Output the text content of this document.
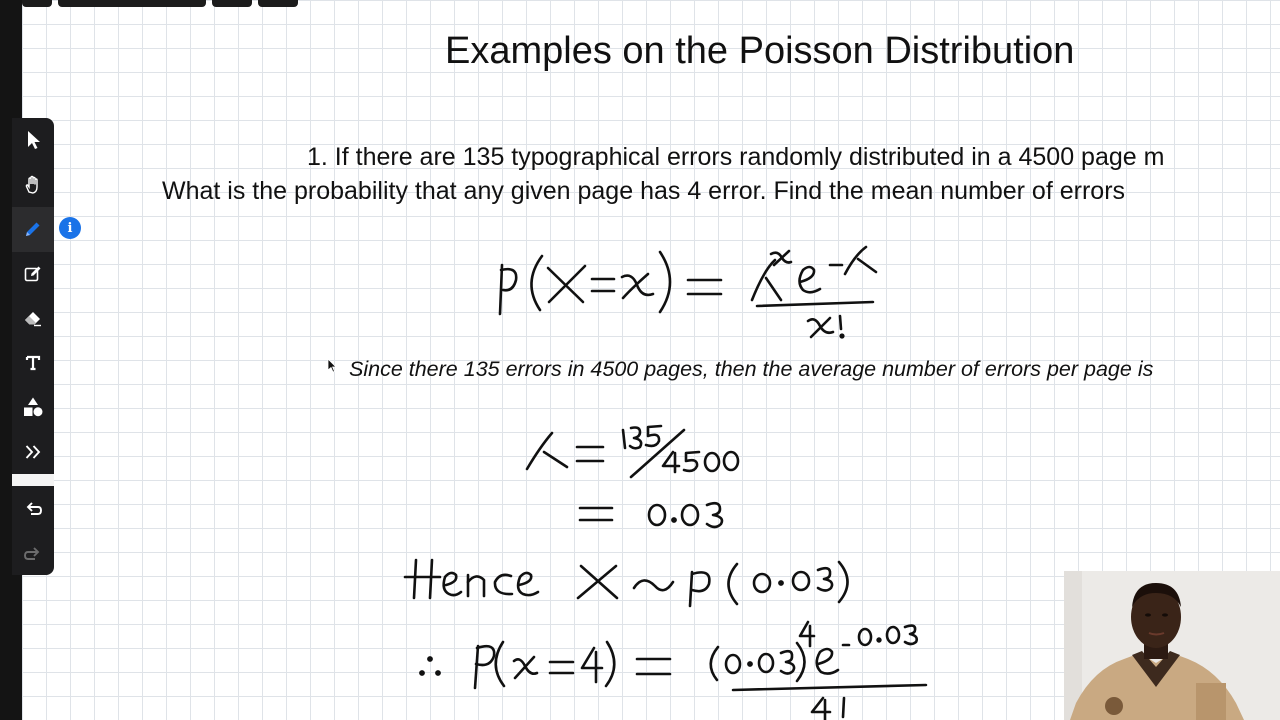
i
Examples on the Poisson Distribution
1. If there are 135 typographical errors randomly distributed in a 4500 page m
What is the probability that any given page has 4 error. Find the mean number of errors
Since there 135 errors in 4500 pages, then the average number of errors per page is
